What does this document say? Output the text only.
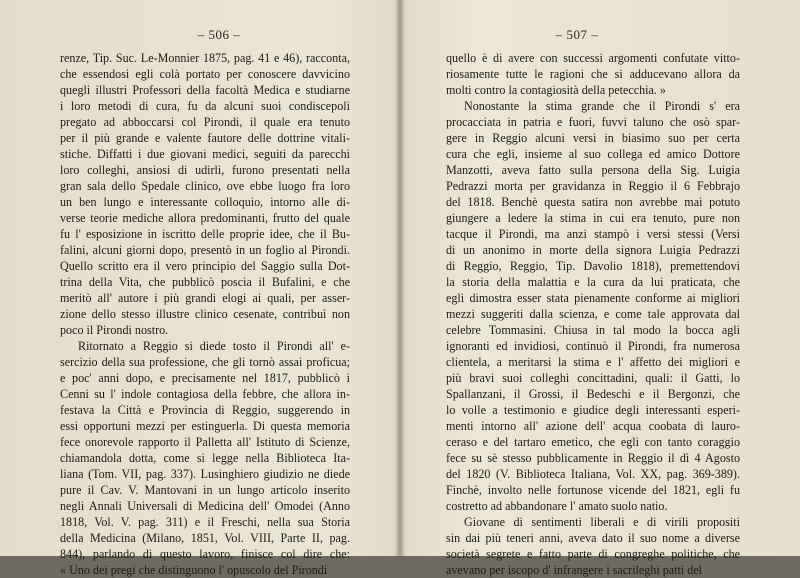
– 506 –
renze, Tip. Suc. Le-Monnier 1875, pag. 41 e 46), racconta,
che essendosi egli colà portato per conoscere davvicino
quegli illustri Professori della facoltà Medica e studiarne
i loro metodi di cura, fu da alcuni suoi condiscepoli
pregato ad abboccarsi col Pirondi, il quale era tenuto
per il più grande e valente fautore delle dottrine vitali-
stiche. Diffatti i due giovani medici, seguiti da parecchi
loro colleghi, ansiosi di udirli, furono presentati nella
gran sala dello Spedale clinico, ove ebbe luogo fra loro
un ben lungo e interessante colloquio, intorno alle di-
verse teorie mediche allora predominanti, frutto del quale
fu l' esposizione in iscritto delle proprie idee, che il Bu-
falini, alcuni giorni dopo, presentò in un foglio al Pirondi.
Quello scritto era il vero principio del Saggio sulla Dot-
trina della Vita, che pubblicò poscia il Bufalini, e che
meritò all' autore i più grandi elogi ai quali, per asser-
zione dello stesso illustre clinico cesenate, contribuì non
poco il Pirondi nostro.
Ritornato a Reggio si diede tosto il Pirondi all' e-
sercizio della sua professione, che gli tornò assai proficua;
e poc' anni dopo, e precisamente nel 1817, pubblicò i
Cenni su l' indole contagiosa della febbre, che allora in-
festava la Città e Provincia di Reggio, suggerendo in
essi opportuni mezzi per estinguerla. Di questa memoria
fece onorevole rapporto il Palletta all' Istituto di Scienze,
chiamandola dotta, come si legge nella Biblioteca Ita-
liana (Tom. VII, pag. 337). Lusinghiero giudizio ne diede
pure il Cav. V. Mantovani in un lungo articolo inserito
negli Annali Universali di Medicina dell' Omodei (Anno
1818, Vol. V. pag. 311) e il Freschi, nella sua Storia
della Medicina (Milano, 1851, Vol. VIII, Parte II, pag.
844), parlando di questo lavoro, finisce col dire che:
« Uno dei pregi che distinguono l' opuscolo del Pirondi
– 507 –
quello è di avere con successi argomenti confutate vitto-
riosamente tutte le ragioni che si adducevano allora da
molti contro la contagiosità della petecchia. »
Nonostante la stima grande che il Pirondi s' era
procacciata in patria e fuori, fuvvi taluno che osò spar-
gere in Reggio alcuni versi in biasimo suo per certa
cura che egli, insieme al suo collega ed amico Dottore
Manzotti, aveva fatto sulla persona della Sig. Luigia
Pedrazzi morta per gravidanza in Reggio il 6 Febbrajo
del 1818. Benchè questa satira non avrebbe mai potuto
giungere a ledere la stima in cui era tenuto, pure non
tacque il Pirondi, ma anzi stampò i versi stessi (Versi
di un anonimo in morte della signora Luigia Pedrazzi
di Reggio, Reggio, Tip. Davolio 1818), premettendovi
la storia della malattia e la cura da lui praticata, che
egli dimostra esser stata pienamente conforme ai migliori
mezzi suggeriti dalla scienza, e come tale approvata dal
celebre Tommasini. Chiusa in tal modo la bocca agli
ignoranti ed invidiosi, continuò il Pirondi, fra numerosa
clientela, a meritarsi la stima e l' affetto dei migliori e
più bravi suoi colleghi concittadini, quali: il Gatti, lo
Spallanzani, il Grossi, il Bedeschi e il Bergonzi, che
lo volle a testimonio e giudice degli interessanti esperi-
menti intorno all' azione dell' acqua coobata di lauro-
ceraso e del tartaro emetico, che egli con tanto coraggio
fece su sè stesso pubblicamente in Reggio il dì 4 Agosto
del 1820 (V. Biblioteca Italiana, Vol. XX, pag. 369-389).
Finchè, involto nelle fortunose vicende del 1821, egli fu
costretto ad abbandonare l' amato suolo natio.
Giovane di sentimenti liberali e di virili propositi
sin dai più teneri anni, aveva dato il suo nome a diverse
società segrete e fatto parte di congreghe politiche, che
avevano per iscopo d' infrangere i sacrileghi patti del
